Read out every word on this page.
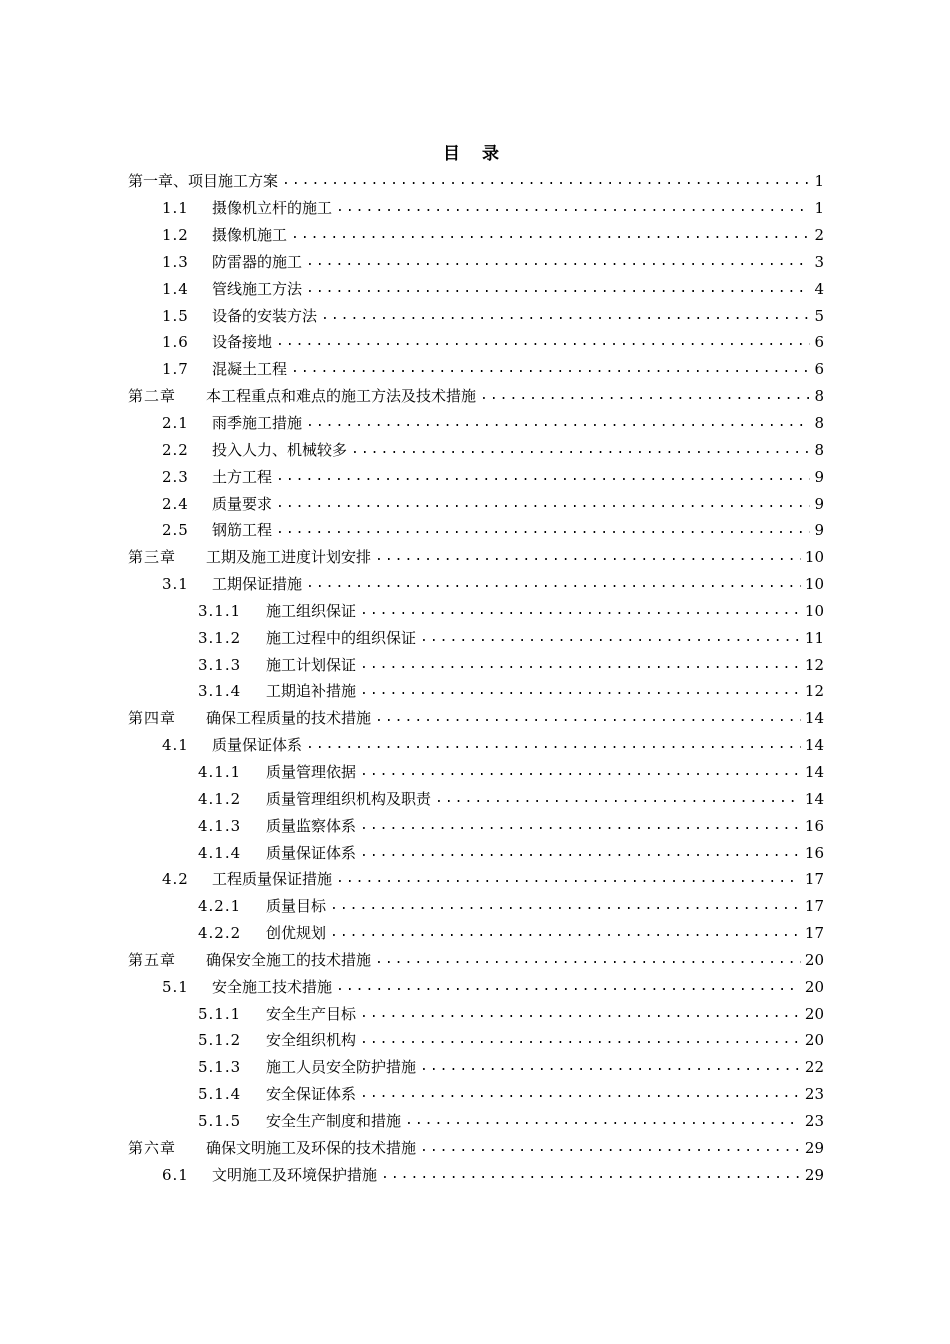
目 录
第一章、项目施工方案 .....	1
1.1	摄像机立杆的施工 .....	1
1.2	摄像机施工 .....	2
1.3	防雷器的施工 .....	3
1.4	管线施工方法 .....	4
1.5	设备的安装方法 .....	5
1.6	设备接地 .....	6
1.7	混凝土工程 .....	6
第二章	本工程重点和难点的施工方法及技术措施 .....	8
2.1	雨季施工措施 .....	8
2.2	投入人力、机械较多 .....	8
2.3	土方工程 .....	9
2.4	质量要求 .....	9
2.5	钢筋工程 .....	9
第三章	工期及施工进度计划安排 .....	10
3.1	工期保证措施 .....	10
3.1.1	施工组织保证 .....	10
3.1.2	施工过程中的组织保证 .....	11
3.1.3	施工计划保证 .....	12
3.1.4	工期追补措施 .....	12
第四章	确保工程质量的技术措施 .....	14
4.1	质量保证体系 .....	14
4.1.1	质量管理依据 .....	14
4.1.2	质量管理组织机构及职责 .....	14
4.1.3	质量监察体系 .....	16
4.1.4	质量保证体系 .....	16
4.2	工程质量保证措施 .....	17
4.2.1	质量目标 .....	17
4.2.2	创优规划 .....	17
第五章	确保安全施工的技术措施 .....	20
5.1	安全施工技术措施 .....	20
5.1.1	安全生产目标 .....	20
5.1.2	安全组织机构 .....	20
5.1.3	施工人员安全防护措施 .....	22
5.1.4	安全保证体系 .....	23
5.1.5	安全生产制度和措施 .....	23
第六章	确保文明施工及环保的技术措施 .....	29
6.1	文明施工及环境保护措施 .....	29
